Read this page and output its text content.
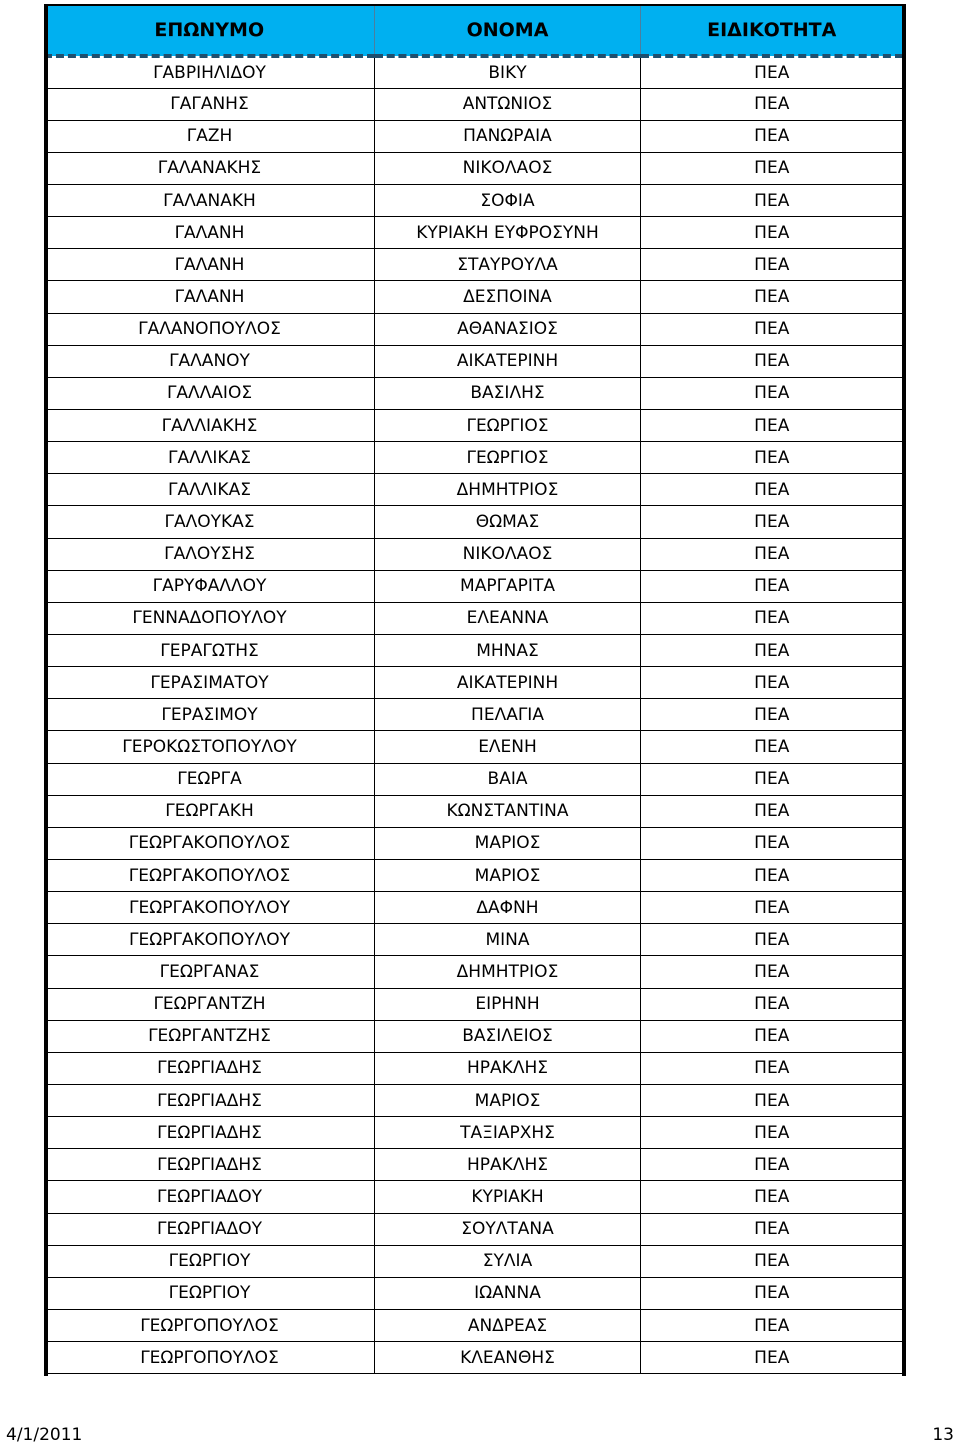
ΕΠΩΝΥΜΟ	ΟΝΟΜΑ	ΕΙΔΙΚΟΤΗΤΑ
ΓΑΒΡΙΗΛΙΔΟΥ	ΒΙΚΥ	ΠΕΑ
ΓΑΓΑΝΗΣ	ΑΝΤΩΝΙΟΣ	ΠΕΑ
ΓΑΖΗ	ΠΑΝΩΡΑΙΑ	ΠΕΑ
ΓΑΛΑΝΑΚΗΣ	ΝΙΚΟΛΑΟΣ	ΠΕΑ
ΓΑΛΑΝΑΚΗ	ΣΟΦΙΑ	ΠΕΑ
ΓΑΛΑΝΗ	ΚΥΡΙΑΚΗ ΕΥΦΡΟΣΥΝΗ	ΠΕΑ
ΓΑΛΑΝΗ	ΣΤΑΥΡΟΥΛΑ	ΠΕΑ
ΓΑΛΑΝΗ	ΔΕΣΠΟΙΝΑ	ΠΕΑ
ΓΑΛΑΝΟΠΟΥΛΟΣ	ΑΘΑΝΑΣΙΟΣ	ΠΕΑ
ΓΑΛΑΝΟΥ	ΑΙΚΑΤΕΡΙΝΗ	ΠΕΑ
ΓΑΛΛΑΙΟΣ	ΒΑΣΙΛΗΣ	ΠΕΑ
ΓΑΛΛΙΑΚΗΣ	ΓΕΩΡΓΙΟΣ	ΠΕΑ
ΓΑΛΛΙΚΑΣ	ΓΕΩΡΓΙΟΣ	ΠΕΑ
ΓΑΛΛΙΚΑΣ	ΔΗΜΗΤΡΙΟΣ	ΠΕΑ
ΓΑΛΟΥΚΑΣ	ΘΩΜΑΣ	ΠΕΑ
ΓΑΛΟΥΣΗΣ	ΝΙΚΟΛΑΟΣ	ΠΕΑ
ΓΑΡΥΦΑΛΛΟΥ	ΜΑΡΓΑΡΙΤΑ	ΠΕΑ
ΓΕΝΝΑΔΟΠΟΥΛΟΥ	ΕΛΕΑΝΝΑ	ΠΕΑ
ΓΕΡΑΓΩΤΗΣ	ΜΗΝΑΣ	ΠΕΑ
ΓΕΡΑΣΙΜΑΤΟΥ	ΑΙΚΑΤΕΡΙΝΗ	ΠΕΑ
ΓΕΡΑΣΙΜΟΥ	ΠΕΛΑΓΙΑ	ΠΕΑ
ΓΕΡΟΚΩΣΤΟΠΟΥΛΟΥ	ΕΛΕΝΗ	ΠΕΑ
ΓΕΩΡΓΑ	ΒΑΙΑ	ΠΕΑ
ΓΕΩΡΓΑΚΗ	ΚΩΝΣΤΑΝΤΙΝΑ	ΠΕΑ
ΓΕΩΡΓΑΚΟΠΟΥΛΟΣ	ΜΑΡΙΟΣ	ΠΕΑ
ΓΕΩΡΓΑΚΟΠΟΥΛΟΣ	ΜΑΡΙΟΣ	ΠΕΑ
ΓΕΩΡΓΑΚΟΠΟΥΛΟΥ	ΔΑΦΝΗ	ΠΕΑ
ΓΕΩΡΓΑΚΟΠΟΥΛΟΥ	ΜΙΝΑ	ΠΕΑ
ΓΕΩΡΓΑΝΑΣ	ΔΗΜΗΤΡΙΟΣ	ΠΕΑ
ΓΕΩΡΓΑΝΤΖΗ	ΕΙΡΗΝΗ	ΠΕΑ
ΓΕΩΡΓΑΝΤΖΗΣ	ΒΑΣΙΛΕΙΟΣ	ΠΕΑ
ΓΕΩΡΓΙΑΔΗΣ	ΗΡΑΚΛΗΣ	ΠΕΑ
ΓΕΩΡΓΙΑΔΗΣ	ΜΑΡΙΟΣ	ΠΕΑ
ΓΕΩΡΓΙΑΔΗΣ	ΤΑΞΙΑΡΧΗΣ	ΠΕΑ
ΓΕΩΡΓΙΑΔΗΣ	ΗΡΑΚΛΗΣ	ΠΕΑ
ΓΕΩΡΓΙΑΔΟΥ	ΚΥΡΙΑΚΗ	ΠΕΑ
ΓΕΩΡΓΙΑΔΟΥ	ΣΟΥΛΤΑΝΑ	ΠΕΑ
ΓΕΩΡΓΙΟΥ	ΣΥΛΙΑ	ΠΕΑ
ΓΕΩΡΓΙΟΥ	ΙΩΑΝΝΑ	ΠΕΑ
ΓΕΩΡΓΟΠΟΥΛΟΣ	ΑΝΔΡΕΑΣ	ΠΕΑ
ΓΕΩΡΓΟΠΟΥΛΟΣ	ΚΛΕΑΝΘΗΣ	ΠΕΑ
4/1/2011	13
